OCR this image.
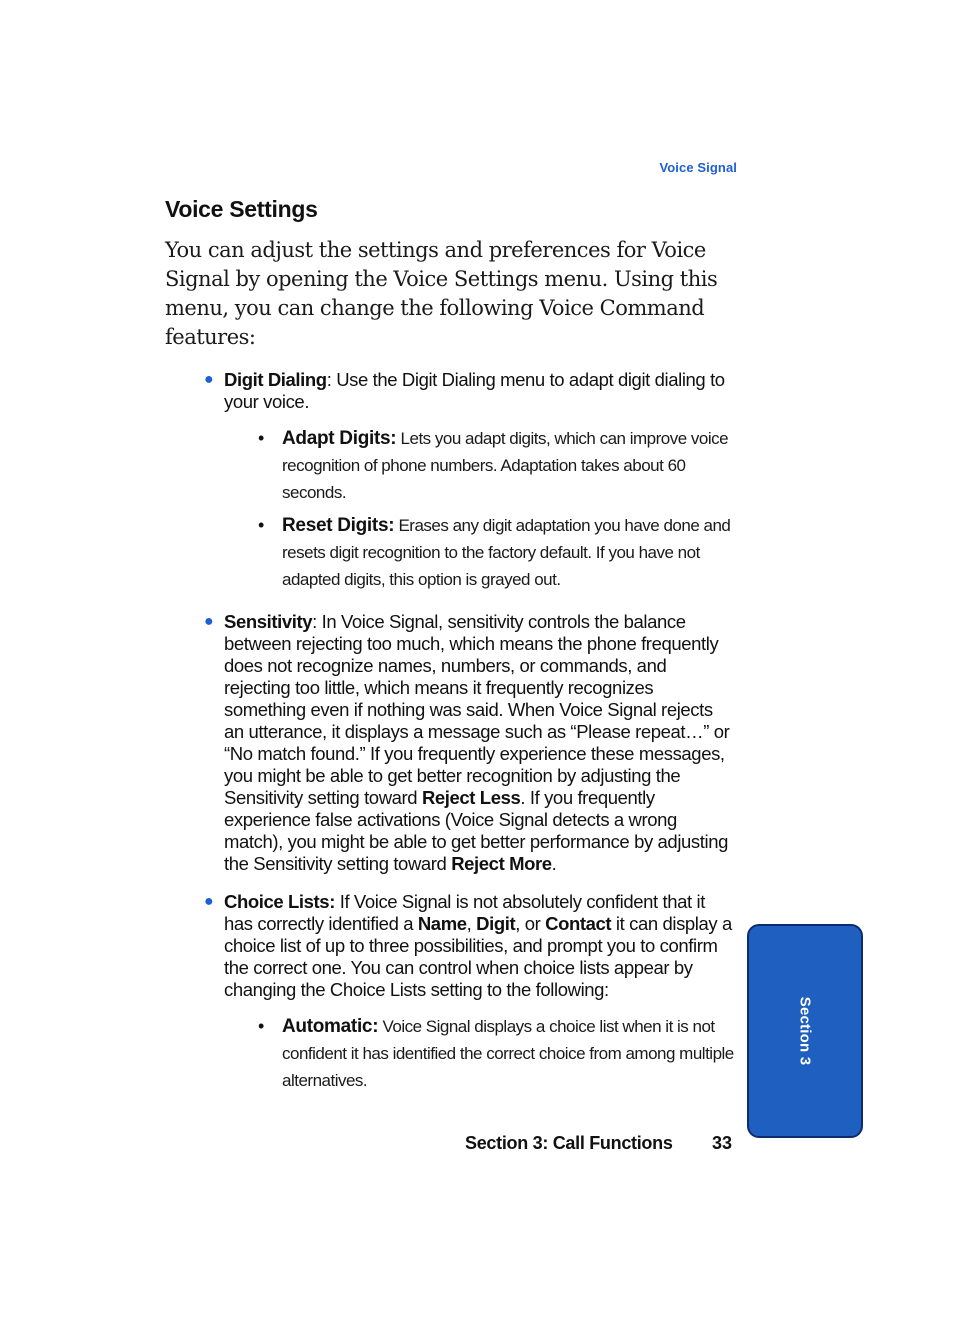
Voice Signal
Voice Settings

You can adjust the settings and preferences for Voice Signal by opening the Voice Settings menu. Using this menu, you can change the following Voice Command features:

● Digit Dialing: Use the Digit Dialing menu to adapt digit dialing to your voice.
• Adapt Digits: Lets you adapt digits, which can improve voice recognition of phone numbers. Adaptation takes about 60 seconds.
• Reset Digits: Erases any digit adaptation you have done and resets digit recognition to the factory default. If you have not adapted digits, this option is grayed out.
● Sensitivity: In Voice Signal, sensitivity controls the balance between rejecting too much, which means the phone frequently does not recognize names, numbers, or commands, and rejecting too little, which means it frequently recognizes something even if nothing was said. When Voice Signal rejects an utterance, it displays a message such as “Please repeat…” or “No match found.” If you frequently experience these messages, you might be able to get better recognition by adjusting the Sensitivity setting toward Reject Less. If you frequently experience false activations (Voice Signal detects a wrong match), you might be able to get better performance by adjusting the Sensitivity setting toward Reject More.
● Choice Lists: If Voice Signal is not absolutely confident that it has correctly identified a Name, Digit, or Contact it can display a choice list of up to three possibilities, and prompt you to confirm the correct one. You can control when choice lists appear by changing the Choice Lists setting to the following:
• Automatic: Voice Signal displays a choice list when it is not confident it has identified the correct choice from among multiple alternatives.
Section 3: Call Functions 33
Section 3
